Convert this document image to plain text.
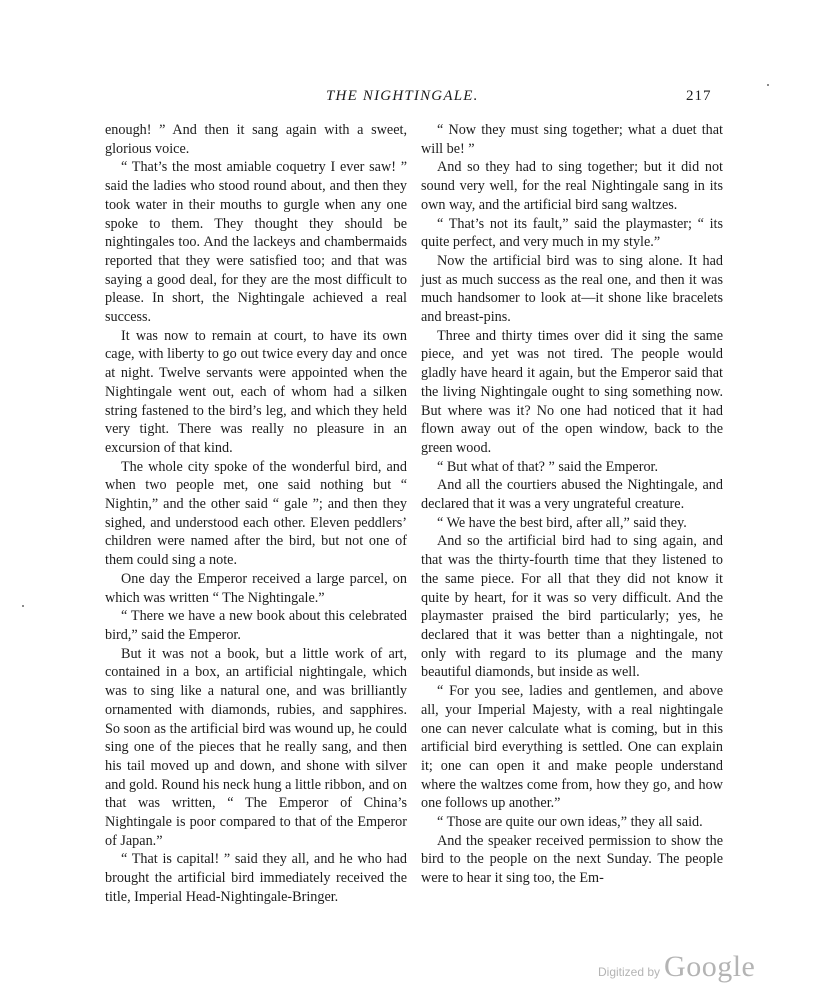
THE NIGHTINGALE.	217

enough! ” And then it sang again with a sweet, glorious voice.

“ That’s the most amiable coquetry I ever saw! ” said the ladies who stood round about, and then they took water in their mouths to gurgle when any one spoke to them. They thought they should be nightingales too. And the lackeys and chambermaids reported that they were satisfied too; and that was saying a good deal, for they are the most difficult to please. In short, the Nightingale achieved a real success.

It was now to remain at court, to have its own cage, with liberty to go out twice every day and once at night. Twelve servants were appointed when the Nightingale went out, each of whom had a silken string fastened to the bird’s leg, and which they held very tight. There was really no pleasure in an excursion of that kind.

The whole city spoke of the wonderful bird, and when two people met, one said nothing but “ Nightin,” and the other said “ gale ”; and then they sighed, and understood each other. Eleven peddlers’ children were named after the bird, but not one of them could sing a note.

One day the Emperor received a large parcel, on which was written “ The Nightingale.”

“ There we have a new book about this celebrated bird,” said the Emperor.

But it was not a book, but a little work of art, contained in a box, an artificial nightingale, which was to sing like a natural one, and was brilliantly ornamented with diamonds, rubies, and sapphires. So soon as the artificial bird was wound up, he could sing one of the pieces that he really sang, and then his tail moved up and down, and shone with silver and gold. Round his neck hung a little ribbon, and on that was written, “ The Emperor of China’s Nightingale is poor compared to that of the Emperor of Japan.”

“ That is capital! ” said they all, and he who had brought the artificial bird immediately received the title, Imperial Head-Nightingale-Bringer.

“ Now they must sing together; what a duet that will be! ”

And so they had to sing together; but it did not sound very well, for the real Nightingale sang in its own way, and the artificial bird sang waltzes.

“ That’s not its fault,” said the playmaster; “ its quite perfect, and very much in my style.”

Now the artificial bird was to sing alone. It had just as much success as the real one, and then it was much handsomer to look at—it shone like bracelets and breast-pins.

Three and thirty times over did it sing the same piece, and yet was not tired. The people would gladly have heard it again, but the Emperor said that the living Nightingale ought to sing something now. But where was it? No one had noticed that it had flown away out of the open window, back to the green wood.

“ But what of that? ” said the Emperor.

And all the courtiers abused the Nightingale, and declared that it was a very ungrateful creature.

“ We have the best bird, after all,” said they.

And so the artificial bird had to sing again, and that was the thirty-fourth time that they listened to the same piece. For all that they did not know it quite by heart, for it was so very difficult. And the playmaster praised the bird particularly; yes, he declared that it was better than a nightingale, not only with regard to its plumage and the many beautiful diamonds, but inside as well.

“ For you see, ladies and gentlemen, and above all, your Imperial Majesty, with a real nightingale one can never calculate what is coming, but in this artificial bird everything is settled. One can explain it; one can open it and make people understand where the waltzes come from, how they go, and how one follows up another.”

“ Those are quite our own ideas,” they all said.

And the speaker received permission to show the bird to the people on the next Sunday. The people were to hear it sing too, the Em-

Digitized by Google
